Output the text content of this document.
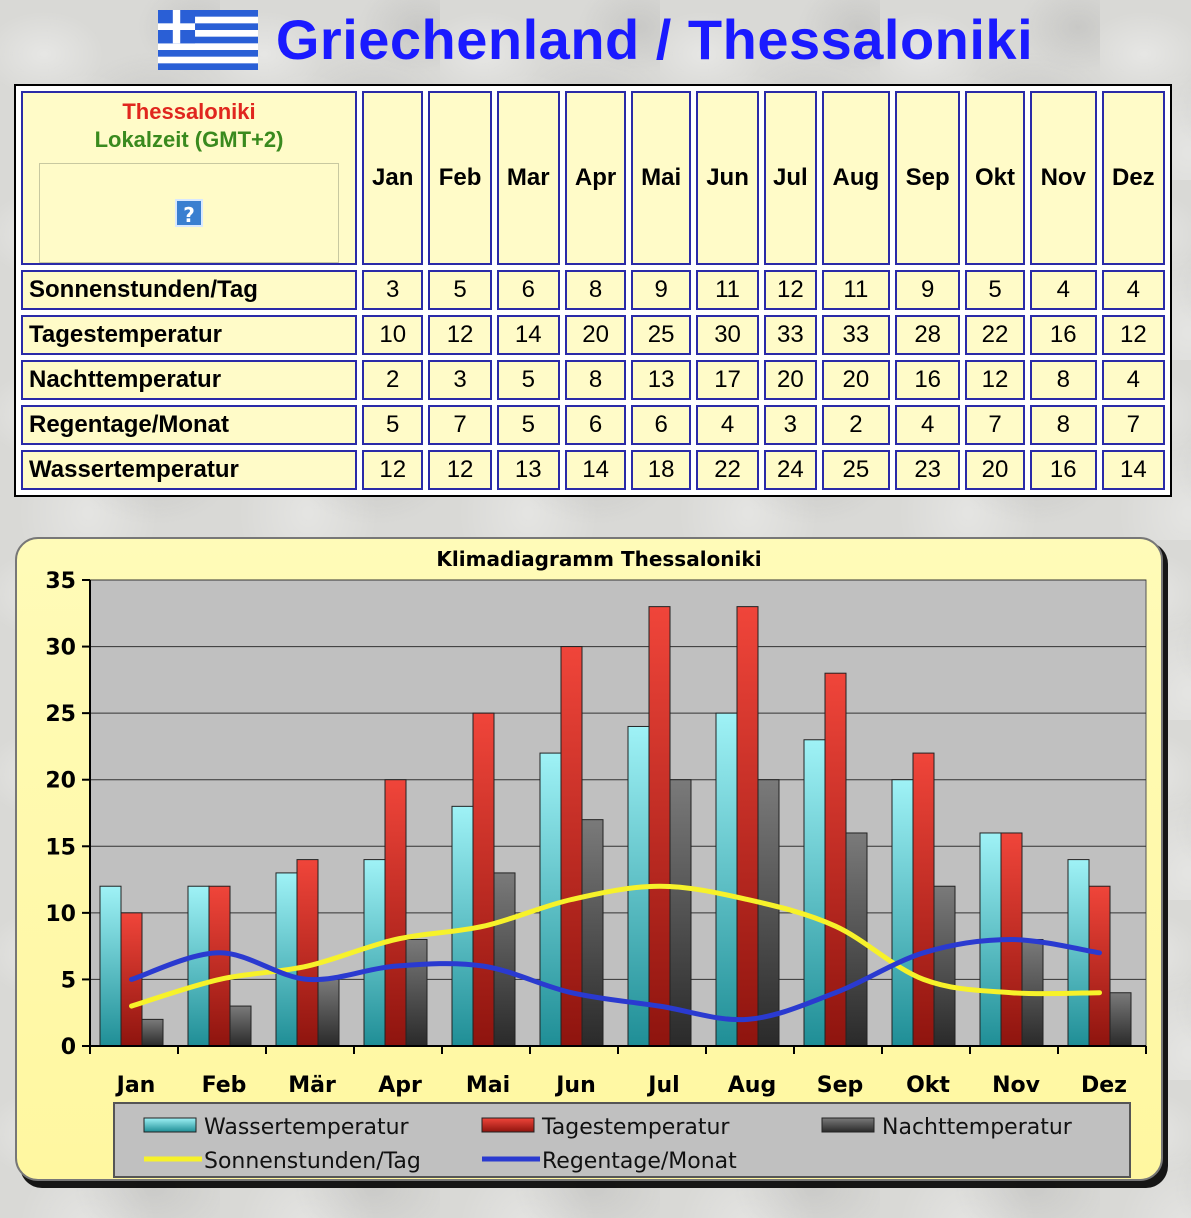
Griechenland / Thessaloniki
Thessaloniki
Lokalzeit (GMT+2)
?	Jan	Feb	Mar	Apr	Mai	Jun	Jul	Aug	Sep	Okt	Nov	Dez
Sonnenstunden/Tag	3	5	6	8	9	11	12	11	9	5	4	4
Tagestemperatur	10	12	14	20	25	30	33	33	28	22	16	12
Nachttemperatur	2	3	5	8	13	17	20	20	16	12	8	4
Regentage/Monat	5	7	5	6	6	4	3	2	4	7	8	7
Wassertemperatur	12	12	13	14	18	22	24	25	23	20	16	14
Klimadiagramm Thessaloniki
0
5
10
15
20
25
30
35
Jan Feb Mär Apr Mai Jun Jul Aug Sep Okt Nov Dez
Wassertemperatur	Tagestemperatur	Nachttemperatur
Sonnenstunden/Tag	Regentage/Monat
